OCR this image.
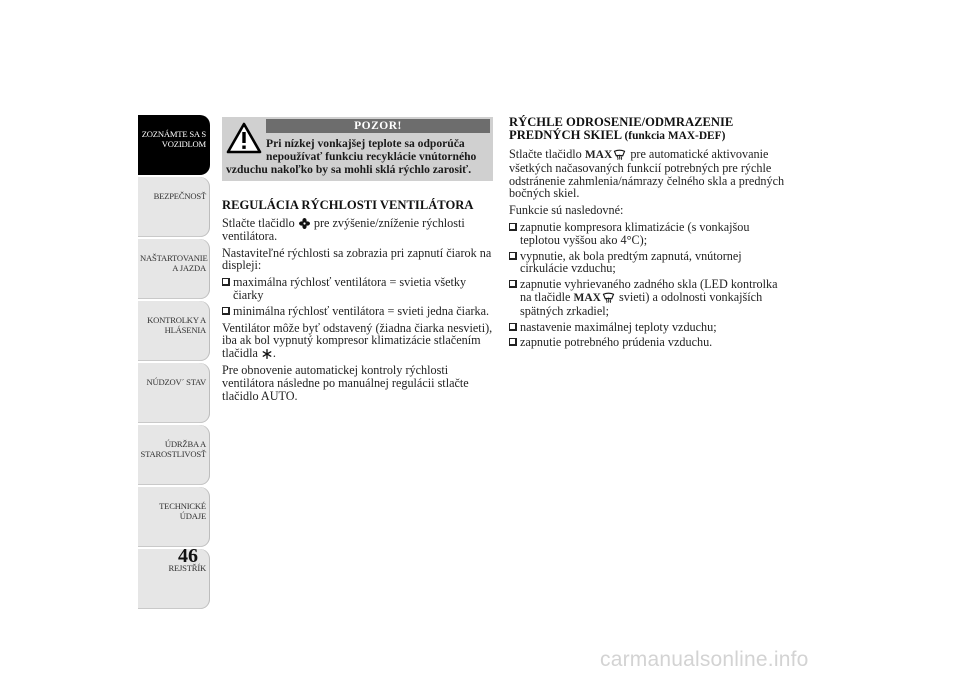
ZOZNÁMTE SA S
VOZIDLOM
BEZPEČNOSŤ
NAŠTARTOVANIE
A JAZDA
KONTROLKY A
HLÁSENIA
NÚDZOV´ STAV
ÚDRŽBA A
STAROSTLIVOSŤ
TECHNICKÉ
ÚDAJE
REJSTŘÍK
46
POZOR!
Pri nízkej vonkajšej teplote sa odporúča
nepoužívať funkciu recyklácie vnútorného
vzduchu nakoľko by sa mohli sklá rýchlo zarosiť.
REGULÁCIA RÝCHLOSTI VENTILÁTORA

Stlačte tlačidlo pre zvýšenie/zníženie rýchlosti ventilátora.

Nastaviteľné rýchlosti sa zobrazia pri zapnutí čiarok na displeji:

maximálna rýchlosť ventilátora = svietia všetky čiarky
minimálna rýchlosť ventilátora = svieti jedna čiarka.

Ventilátor môže byť odstavený (žiadna čiarka nesvieti), iba ak bol vypnutý kompresor klimatizácie stlačením tlačidla .

Pre obnovenie automatickej kontroly rýchlosti ventilátora následne po manuálnej regulácii stlačte tlačidlo AUTO.

RÝCHLE ODROSENIE/ODMRAZENIE
PREDNÝCH SKIEL (funkcia MAX-DEF)

Stlačte tlačidlo MAX pre automatické aktivovanie všetkých načasovaných funkcií potrebných pre rýchle odstránenie zahmlenia/námrazy čelného skla a predných bočných skiel.

Funkcie sú nasledovné:

zapnutie kompresora klimatizácie (s vonkajšou teplotou vyššou ako 4°C);
vypnutie, ak bola predtým zapnutá, vnútornej cirkulácie vzduchu;
zapnutie vyhrievaného zadného skla (LED kontrolka na tlačidle MAX svieti) a odolnosti vonkajších spätných zrkadiel;
nastavenie maximálnej teploty vzduchu;
zapnutie potrebného prúdenia vzduchu.
carmanualsonline.info
